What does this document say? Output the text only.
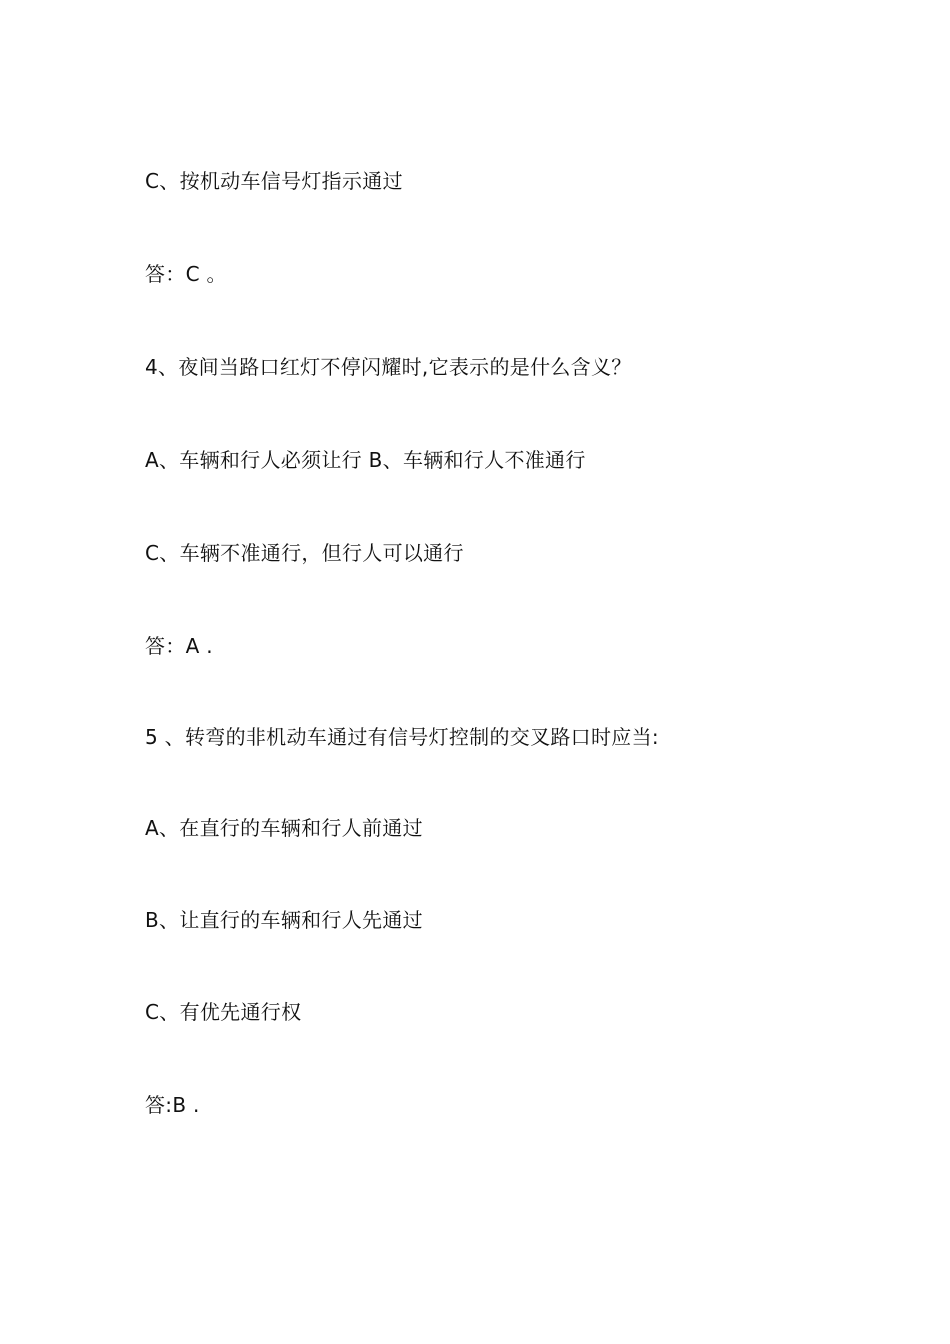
C、按机动车信号灯指示通过
答：C 。
4、夜间当路口红灯不停闪耀时,它表示的是什么含义？
A、车辆和行人必须让行 B、车辆和行人不准通行
C、车辆不准通行，但行人可以通行
答：A .
5 、转弯的非机动车通过有信号灯控制的交叉路口时应当:
A、在直行的车辆和行人前通过
B、让直行的车辆和行人先通过
C、有优先通行权
答:B .
